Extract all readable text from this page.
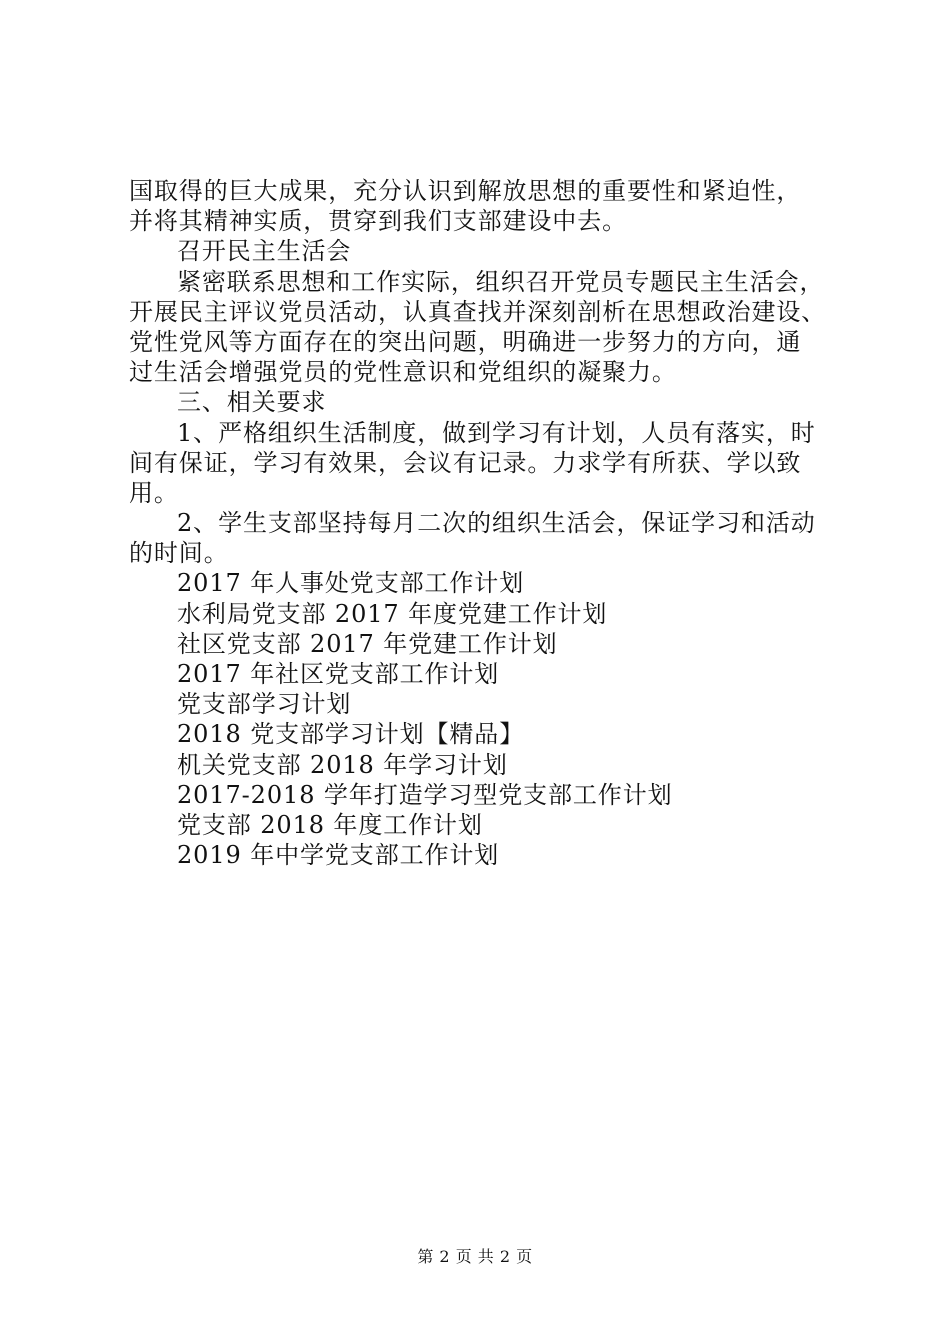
国取得的巨大成果，充分认识到解放思想的重要性和紧迫性，

并将其精神实质，贯穿到我们支部建设中去。

召开民主生活会

紧密联系思想和工作实际，组织召开党员专题民主生活会，

开展民主评议党员活动，认真查找并深刻剖析在思想政治建设、

党性党风等方面存在的突出问题，明确进一步努力的方向，通

过生活会增强党员的党性意识和党组织的凝聚力。

三、相关要求

1、严格组织生活制度，做到学习有计划，人员有落实，时

间有保证，学习有效果，会议有记录。力求学有所获、学以致

用。

2、学生支部坚持每月二次的组织生活会，保证学习和活动

的时间。

2017 年人事处党支部工作计划

水利局党支部 2017 年度党建工作计划

社区党支部 2017 年党建工作计划

2017 年社区党支部工作计划

党支部学习计划

2018 党支部学习计划【精品】

机关党支部 2018 年学习计划

2017-2018 学年打造学习型党支部工作计划

党支部 2018 年度工作计划

2019 年中学党支部工作计划

第 2 页 共 2 页
